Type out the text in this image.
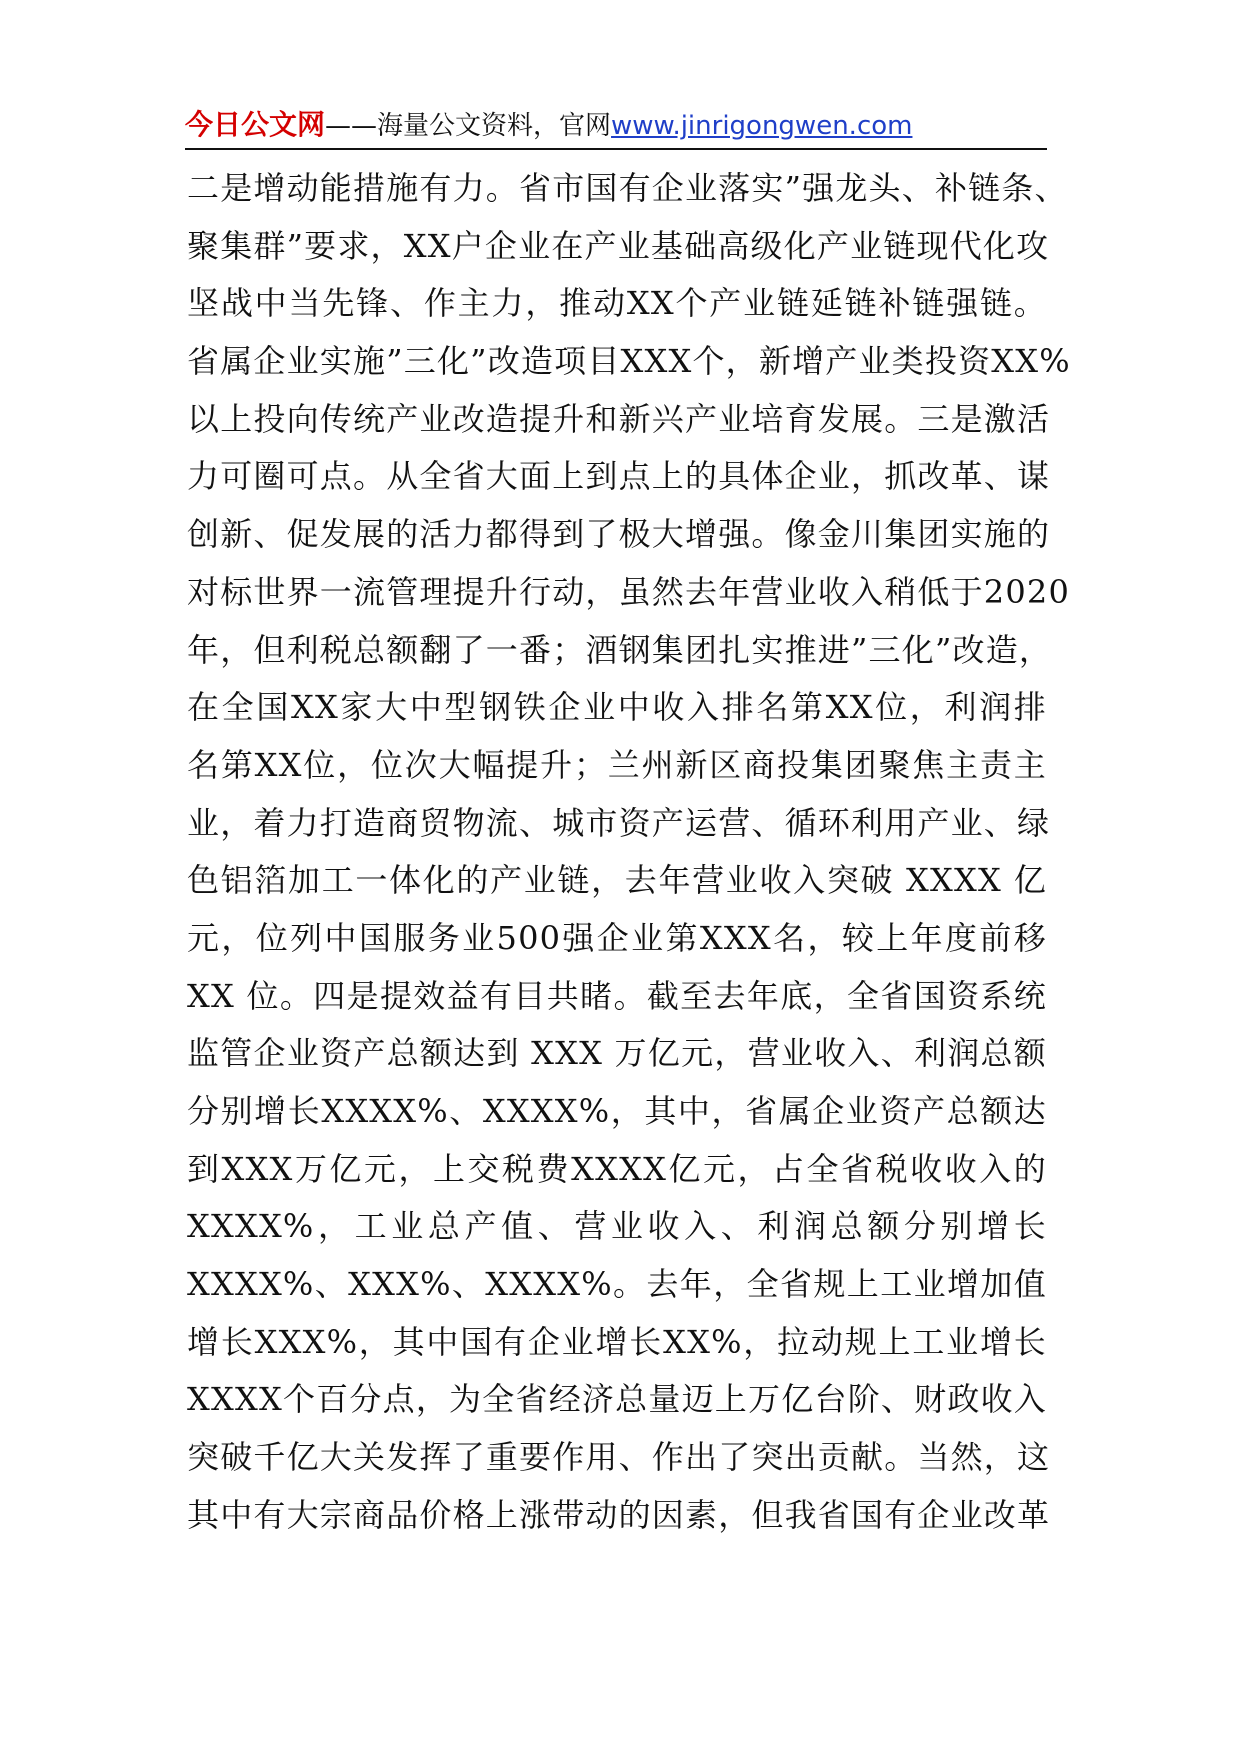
今日公文网——海量公文资料，官网www.jinrigongwen.com
二是增动能措施有力。省市国有企业落实”强龙头、补链条、
聚集群”要求，XX户企业在产业基础高级化产业链现代化攻
坚战中当先锋、作主力，推动XX个产业链延链补链强链。
省属企业实施”三化”改造项目XXX个，新增产业类投资XX%
以上投向传统产业改造提升和新兴产业培育发展。三是激活
力可圈可点。从全省大面上到点上的具体企业，抓改革、谋
创新、促发展的活力都得到了极大增强。像金川集团实施的
对标世界一流管理提升行动，虽然去年营业收入稍低于2020
年，但利税总额翻了一番；酒钢集团扎实推进”三化”改造，
在全国XX家大中型钢铁企业中收入排名第XX位，利润排
名第XX位，位次大幅提升；兰州新区商投集团聚焦主责主
业，着力打造商贸物流、城市资产运营、循环利用产业、绿
色铝箔加工一体化的产业链，去年营业收入突破 XXXX 亿
元，位列中国服务业500强企业第XXX名，较上年度前移
XX 位。四是提效益有目共睹。截至去年底，全省国资系统
监管企业资产总额达到 XXX 万亿元，营业收入、利润总额
分别增长XXXX%、XXXX%，其中，省属企业资产总额达
到XXX万亿元，上交税费XXXX亿元，占全省税收收入的
XXXX%，工业总产值、营业收入、利润总额分别增长
XXXX%、XXX%、XXXX%。去年，全省规上工业增加值
增长XXX%，其中国有企业增长XX%，拉动规上工业增长
XXXX个百分点，为全省经济总量迈上万亿台阶、财政收入
突破千亿大关发挥了重要作用、作出了突出贡献。当然，这
其中有大宗商品价格上涨带动的因素，但我省国有企业改革
